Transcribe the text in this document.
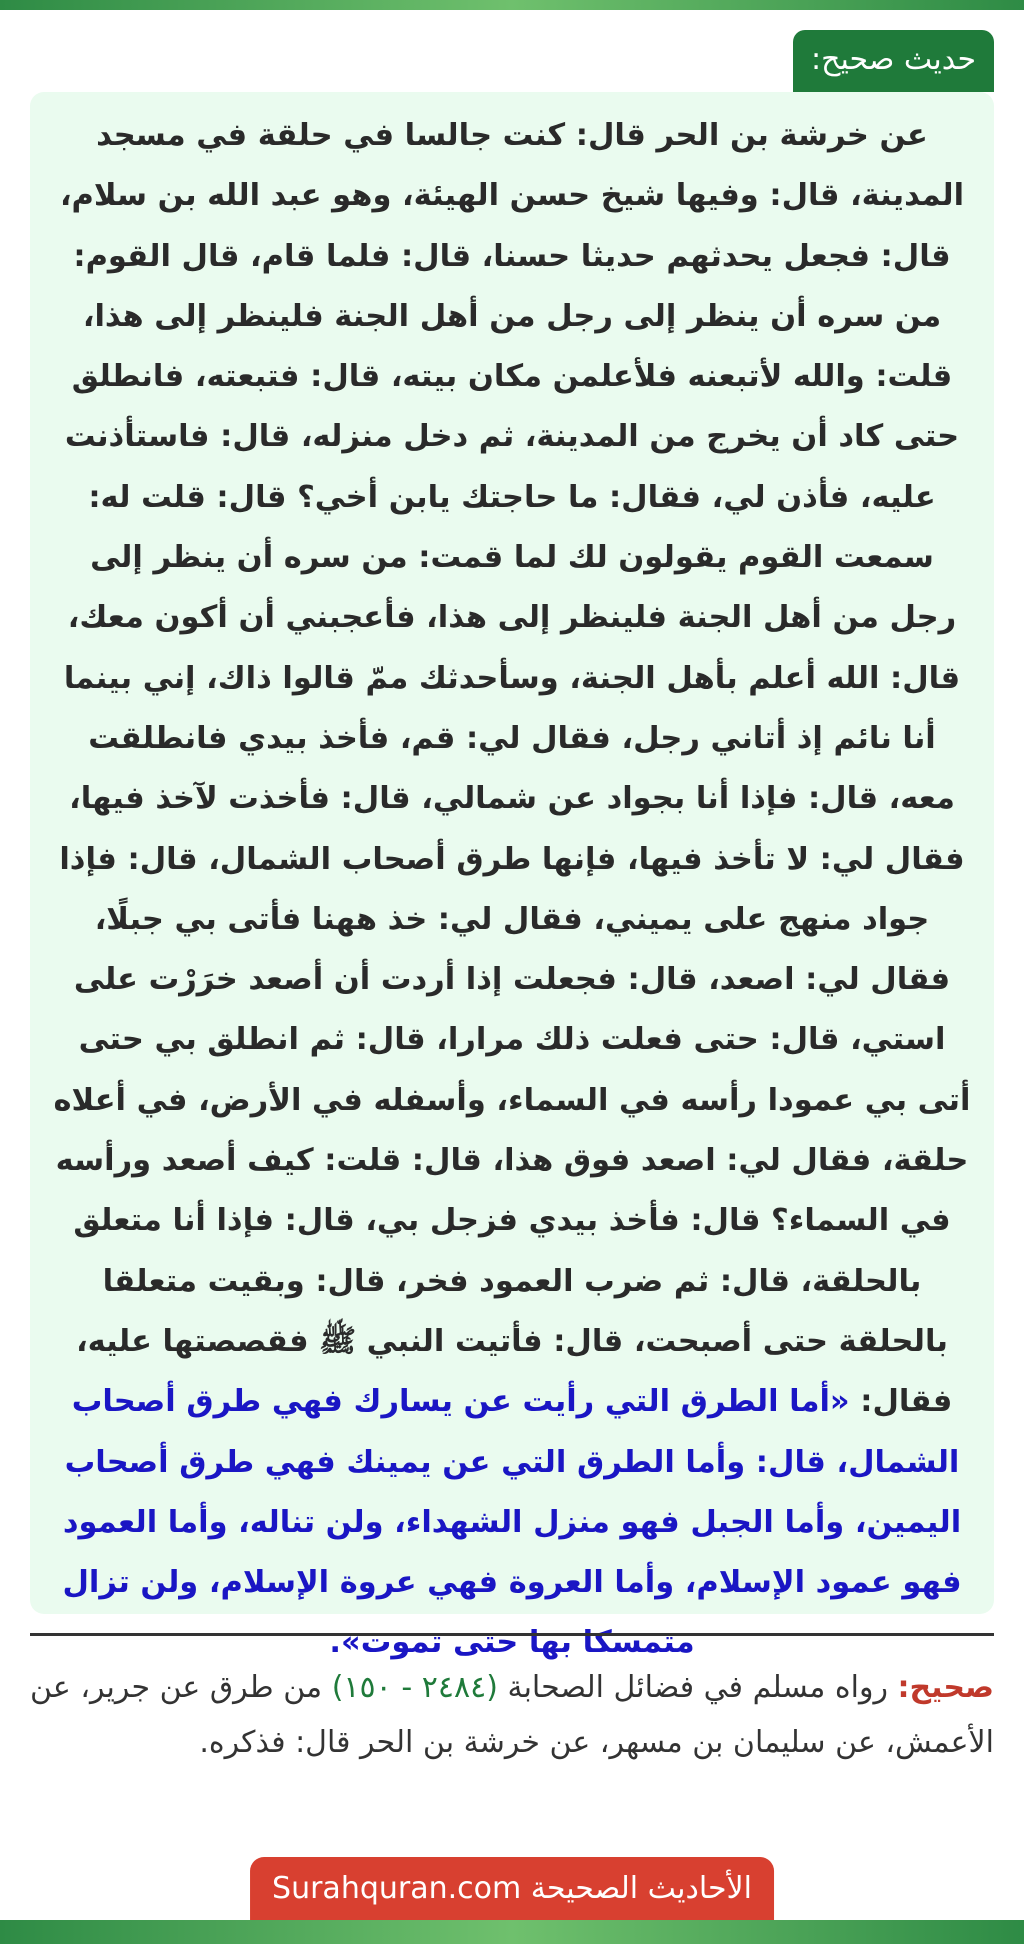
حديث صحيح:
عن خرشة بن الحر قال: كنت جالسا في حلقة في مسجد المدينة، قال: وفيها شيخ حسن الهيئة، وهو عبد الله بن سلام، قال: فجعل يحدثهم حديثا حسنا، قال: فلما قام، قال القوم: من سره أن ينظر إلى رجل من أهل الجنة فلينظر إلى هذا، قلت: والله لأتبعنه فلأعلمن مكان بيته، قال: فتبعته، فانطلق حتى كاد أن يخرج من المدينة، ثم دخل منزله، قال: فاستأذنت عليه، فأذن لي، فقال: ما حاجتك يابن أخي؟ قال: قلت له: سمعت القوم يقولون لك لما قمت: من سره أن ينظر إلى رجل من أهل الجنة فلينظر إلى هذا، فأعجبني أن أكون معك، قال: الله أعلم بأهل الجنة، وسأحدثك ممّ قالوا ذاك، إني بينما أنا نائم إذ أتاني رجل، فقال لي: قم، فأخذ بيدي فانطلقت معه، قال: فإذا أنا بجواد عن شمالي، قال: فأخذت لآخذ فيها، فقال لي: لا تأخذ فيها، فإنها طرق أصحاب الشمال، قال: فإذا جواد منهج على يميني، فقال لي: خذ ههنا فأتى بي جبلًا، فقال لي: اصعد، قال: فجعلت إذا أردت أن أصعد خرَرْت على استي، قال: حتى فعلت ذلك مرارا، قال: ثم انطلق بي حتى أتى بي عمودا رأسه في السماء، وأسفله في الأرض، في أعلاه حلقة، فقال لي: اصعد فوق هذا، قال: قلت: كيف أصعد ورأسه في السماء؟ قال: فأخذ بيدي فزجل بي، قال: فإذا أنا متعلق بالحلقة، قال: ثم ضرب العمود فخر، قال: وبقيت متعلقا بالحلقة حتى أصبحت، قال: فأتيت النبي ﷺ فقصصتها عليه، فقال: «أما الطرق التي رأيت عن يسارك فهي طرق أصحاب الشمال، قال: وأما الطرق التي عن يمينك فهي طرق أصحاب اليمين، وأما الجبل فهو منزل الشهداء، ولن تناله، وأما العمود فهو عمود الإسلام، وأما العروة فهي عروة الإسلام، ولن تزال متمسكا بها حتى تموت».
صحيح: رواه مسلم في فضائل الصحابة (٢٤٨٤ - ١٥٠) من طرق عن جرير، عن الأعمش، عن سليمان بن مسهر، عن خرشة بن الحر قال: فذكره.
الأحاديث الصحيحة Surahquran.com
